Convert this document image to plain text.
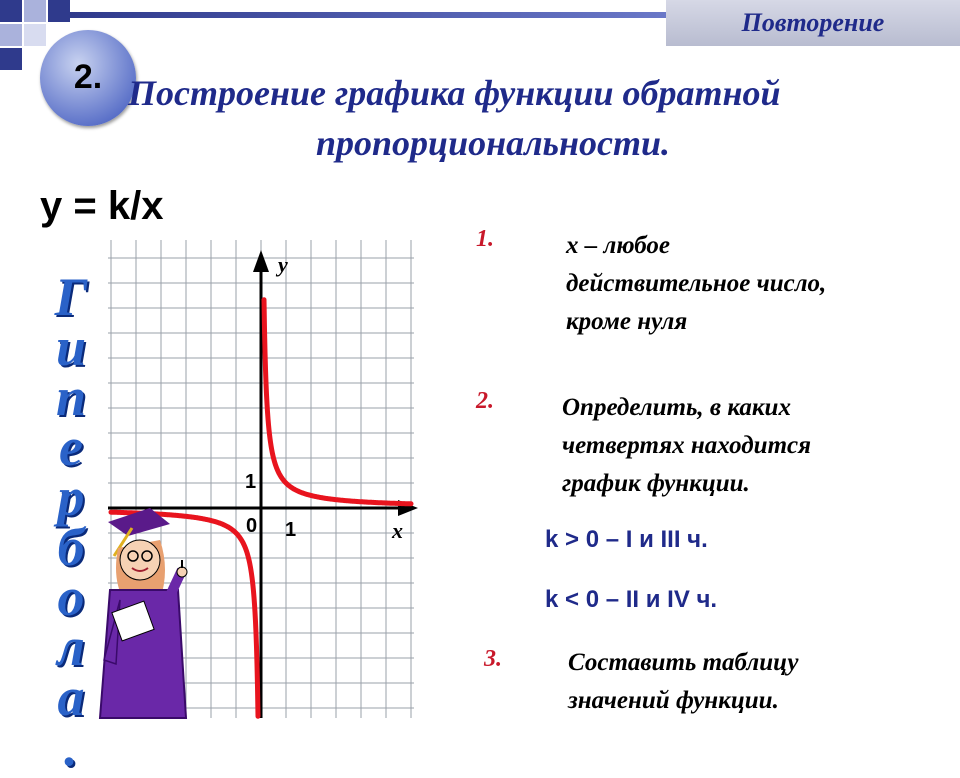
Повторение
2. Построение графика функции обратной
пропорциональности.
y = k/x
Г
и
п
е
р
б
о
л
а
.
y
x
0
1
1
1.	x – любое
действительное число,
кроме нуля
2.	Определить, в каких
четвертях находится
график функции.
k > 0 – I и III ч.
k < 0 – II и IV ч.
3.	Составить таблицу
значений функции.
